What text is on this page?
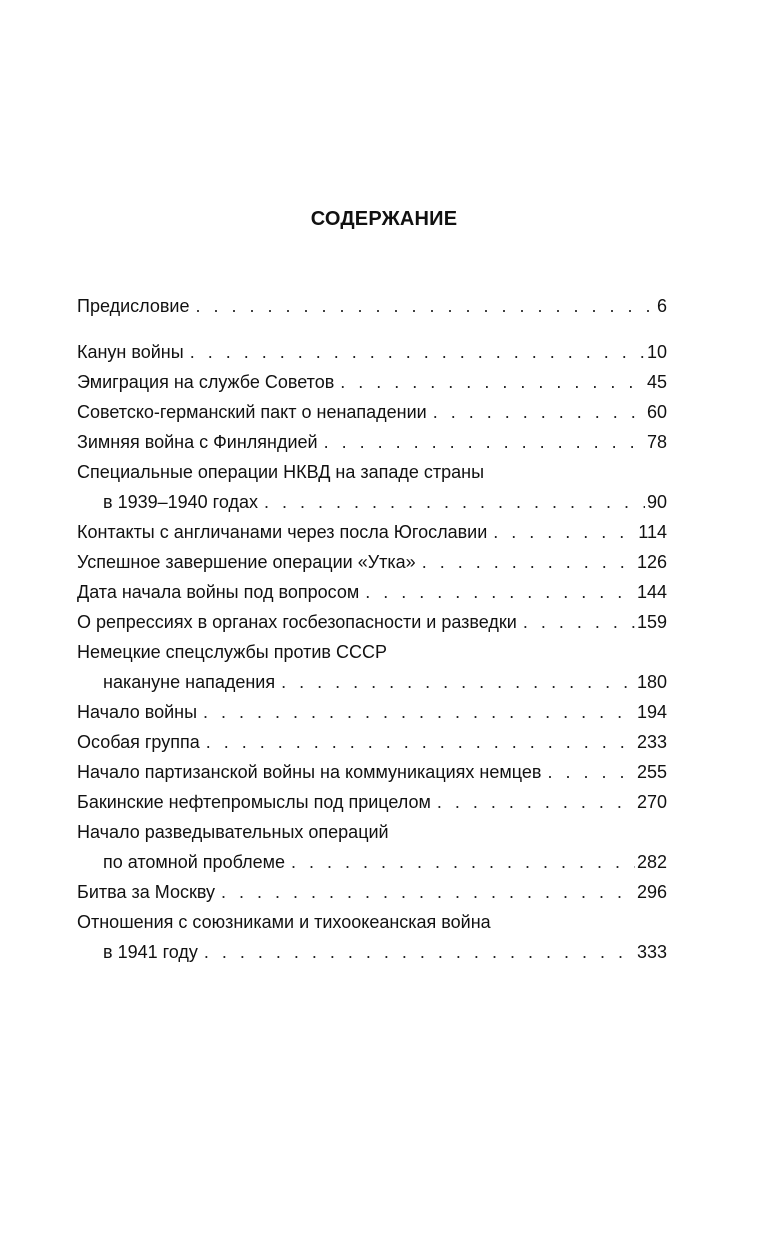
СОДЕРЖАНИЕ
Предисловие . . .	6
Канун войны . . .	10
Эмиграция на службе Советов . . .	45
Советско-германский пакт о ненападении . . .	60
Зимняя война с Финляндией . . .	78
Специальные операции НКВД на западе страны
в 1939–1940 годах . . .	90
Контакты с англичанами через посла Югославии . . .	114
Успешное завершение операции «Утка» . . .	126
Дата начала войны под вопросом . . .	144
О репрессиях в органах госбезопасности и разведки . . .	159
Немецкие спецслужбы против СССР
накануне нападения . . .	180
Начало войны . . .	194
Особая группа . . .	233
Начало партизанской войны на коммуникациях немцев . . .	255
Бакинские нефтепромыслы под прицелом . . .	270
Начало разведывательных операций
по атомной проблеме . . .	282
Битва за Москву . . .	296
Отношения с союзниками и тихоокеанская война
в 1941 году . . .	333
